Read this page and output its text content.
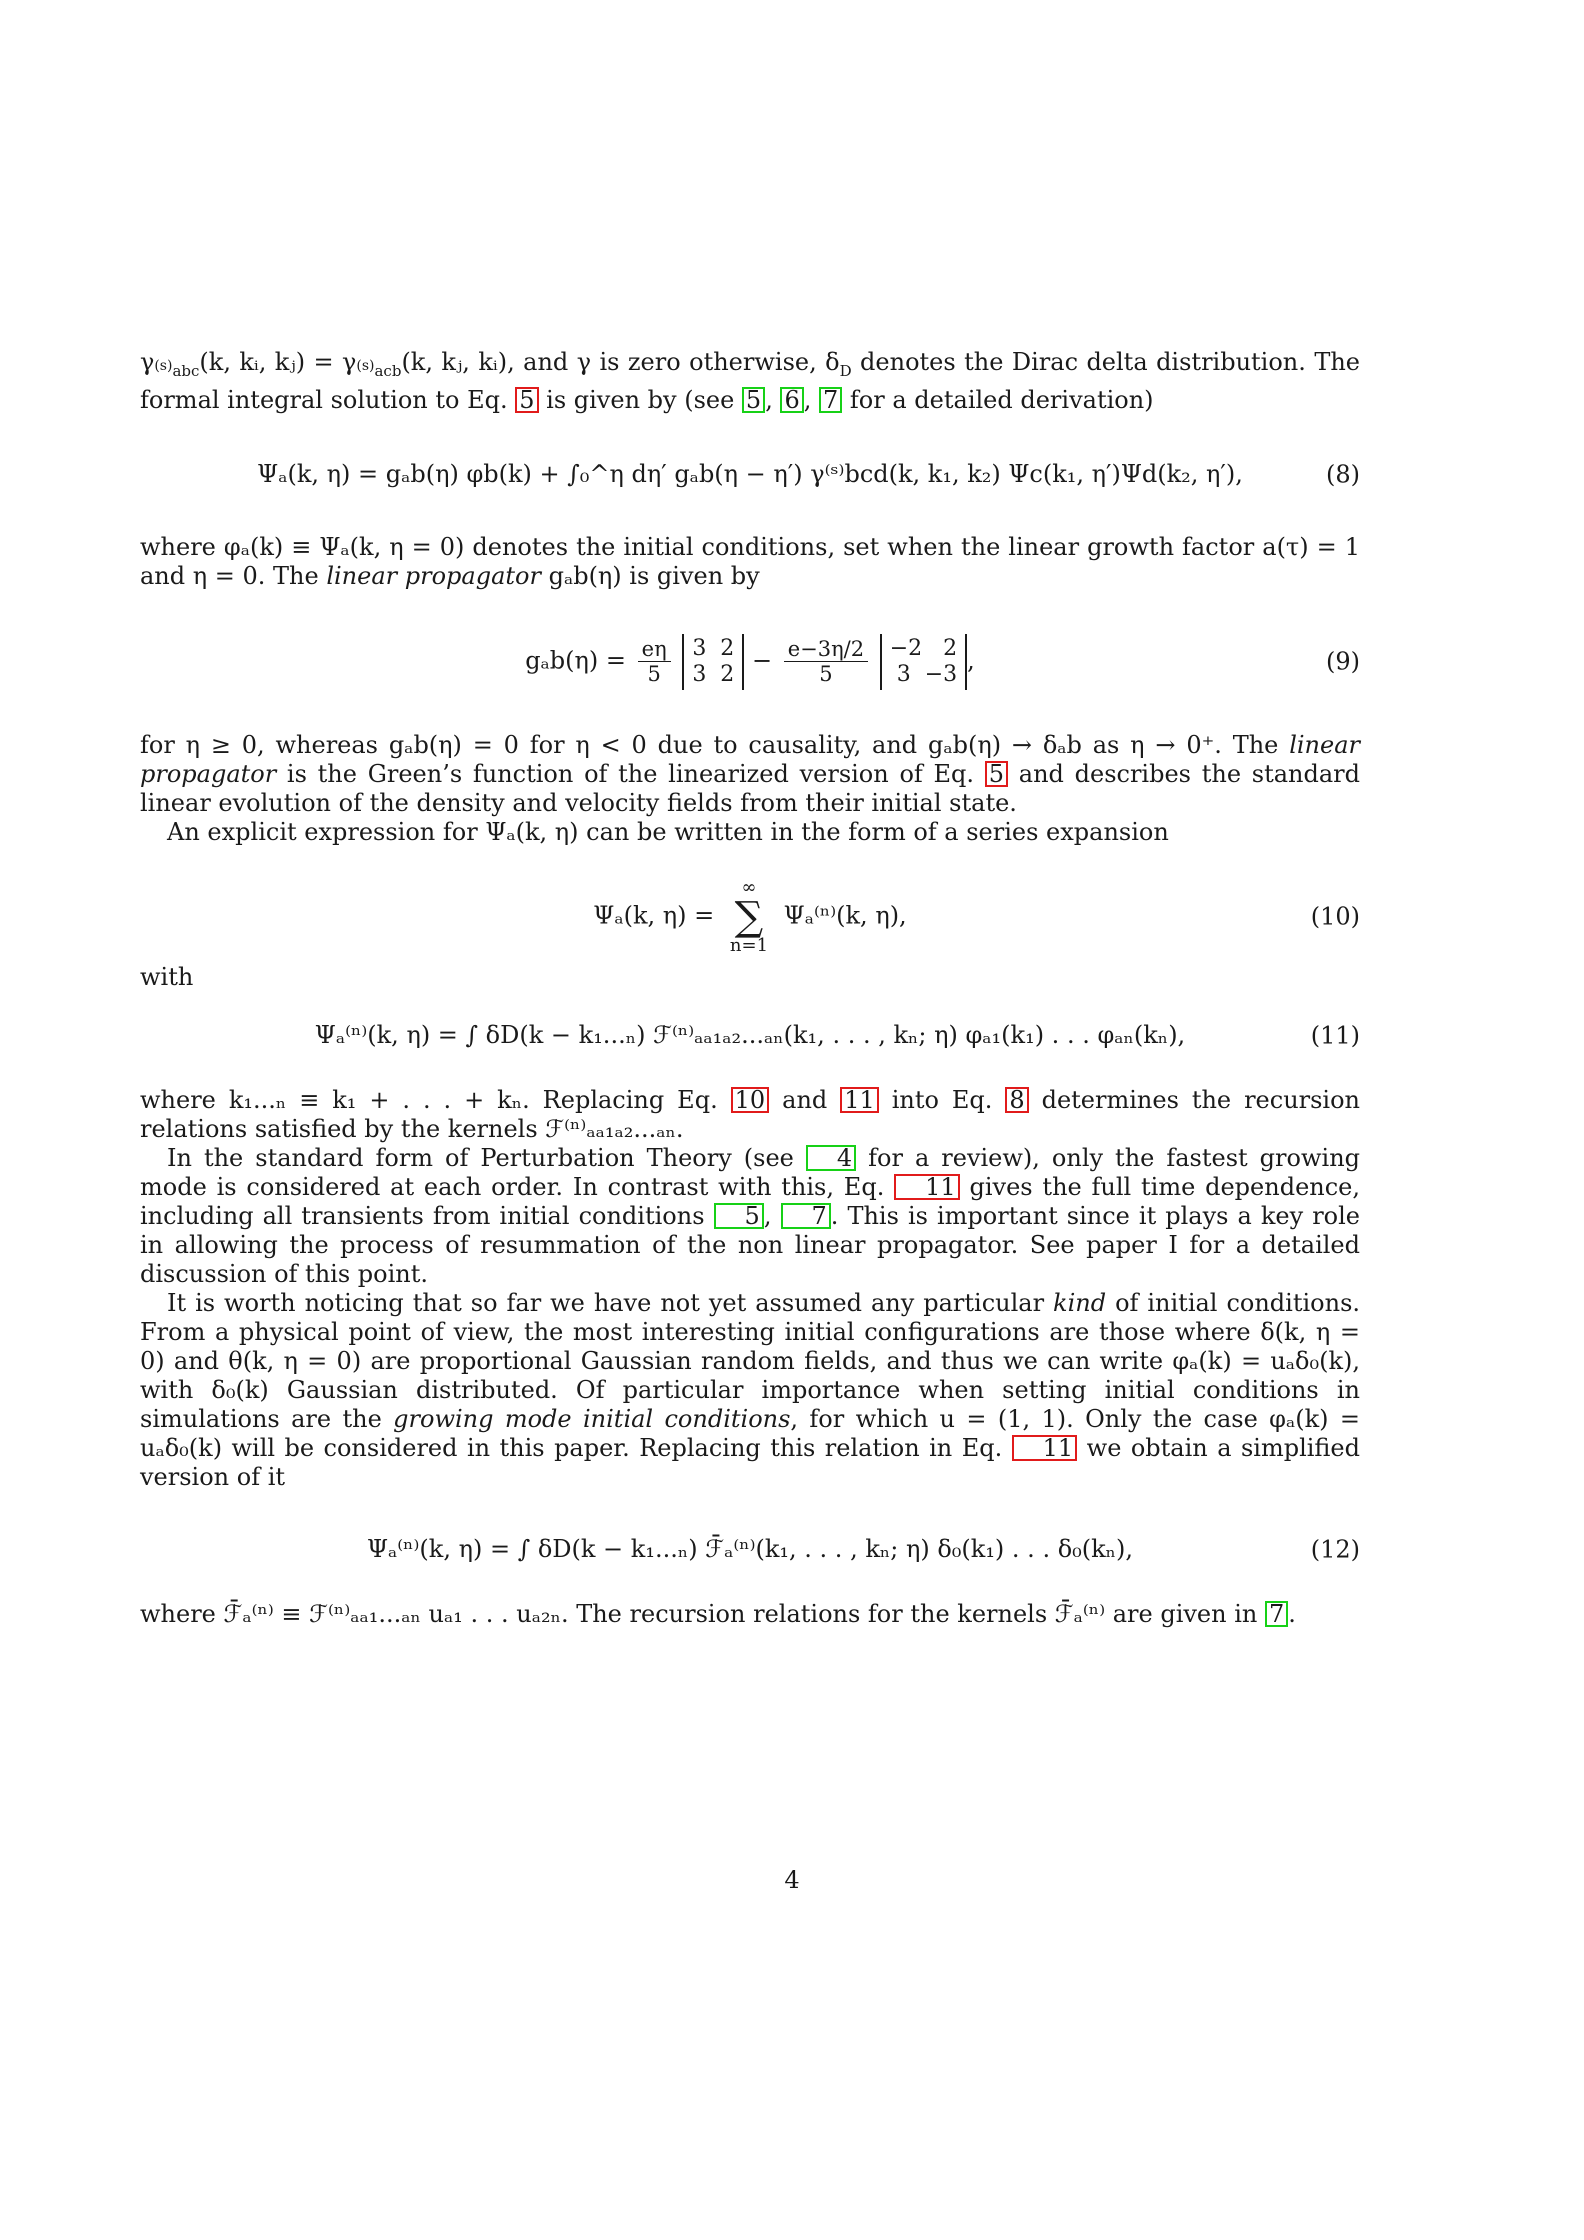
$\gamma_{^{(s)}abc}(k$, kᵢ, kⱼ) = $\gamma_{^{(s)}acb}(k$, kⱼ, kᵢ), and γ is zero otherwise, $\delta_D$ denotes the Dirac delta distribution. The formal integral solution to Eq. 5 is given by (see 5 , 6 , 7 for a detailed derivation)

Ψₐ(k, η) = gₐb(η) φb(k) + ∫₀^η dη′ gₐb(η − η′) γ⁽ˢ⁾bcd(k, k₁, k₂) Ψc(k₁, η′)Ψd(k₂, η′),	(8)

where φₐ(k) ≡ Ψₐ(k, η = 0) denotes the initial conditions, set when the linear growth factor a(τ) = 1 and η = 0. The linear propagator gₐb(η) is given by

$g_ab(\eta) = \frac{e\eta}{5}$
3  2
3  $2 - \frac{e-3\eta/2}{5}$
−2   2
3  −3 ,	(9)

for η ≥ 0, whereas gₐb(η) = 0 for η < 0 due to causality, and gₐb(η) → δₐb as η → 0⁺. The linear propagator is the Green’s function of the linearized version of Eq. 5 and describes the standard linear evolution of the density and velocity fields from their initial state.

An explicit expression for Ψₐ(k, η) can be written in the form of a series expansion

Ψₐ(k, η) =
∞
∑
n=1
Ψₐ⁽ⁿ⁾(k, η),	(10)

with

Ψₐ⁽ⁿ⁾(k, η) = ∫ δD(k − k₁...ₙ) ℱ⁽ⁿ⁾ₐₐ₁ₐ₂...ₐₙ(k₁, . . . , kₙ; η) φₐ₁(k₁) . . . φₐₙ(kₙ),	(11)

where k₁...ₙ ≡ k₁ + . . . + kₙ. Replacing Eq. 10 and 11 into Eq. 8 determines the recursion relations satisfied by the kernels ℱ⁽ⁿ⁾ₐₐ₁ₐ₂...ₐₙ.

In the standard form of Perturbation Theory (see 4 for a review), only the fastest growing mode is considered at each order. In contrast with this, Eq. 11 gives the full time dependence, including all transients from initial conditions 5 , 7 . This is important since it plays a key role in allowing the process of resummation of the non linear propagator. See paper I for a detailed discussion of this point.

It is worth noticing that so far we have not yet assumed any particular kind of initial conditions. From a physical point of view, the most interesting initial configurations are those where δ(k, η = 0) and θ(k, η = 0) are proportional Gaussian random fields, and thus we can write φₐ(k) = uₐδ₀(k), with δ₀(k) Gaussian distributed. Of particular importance when setting initial conditions in simulations are the growing mode initial conditions, for which u = (1, 1). Only the case φₐ(k) = uₐδ₀(k) will be considered in this paper. Replacing this relation in Eq. 11 we obtain a simplified version of it

Ψₐ⁽ⁿ⁾(k, η) = ∫ δD(k − k₁...ₙ) ℱ̄ₐ⁽ⁿ⁾(k₁, . . . , kₙ; η) δ₀(k₁) . . . δ₀(kₙ),	(12)

where ℱ̄ₐ⁽ⁿ⁾ ≡ ℱ⁽ⁿ⁾ₐₐ₁...ₐₙ uₐ₁ . . . uₐ₂ₙ. The recursion relations for the kernels ℱ̄ₐ⁽ⁿ⁾ are given in 7 .

4
